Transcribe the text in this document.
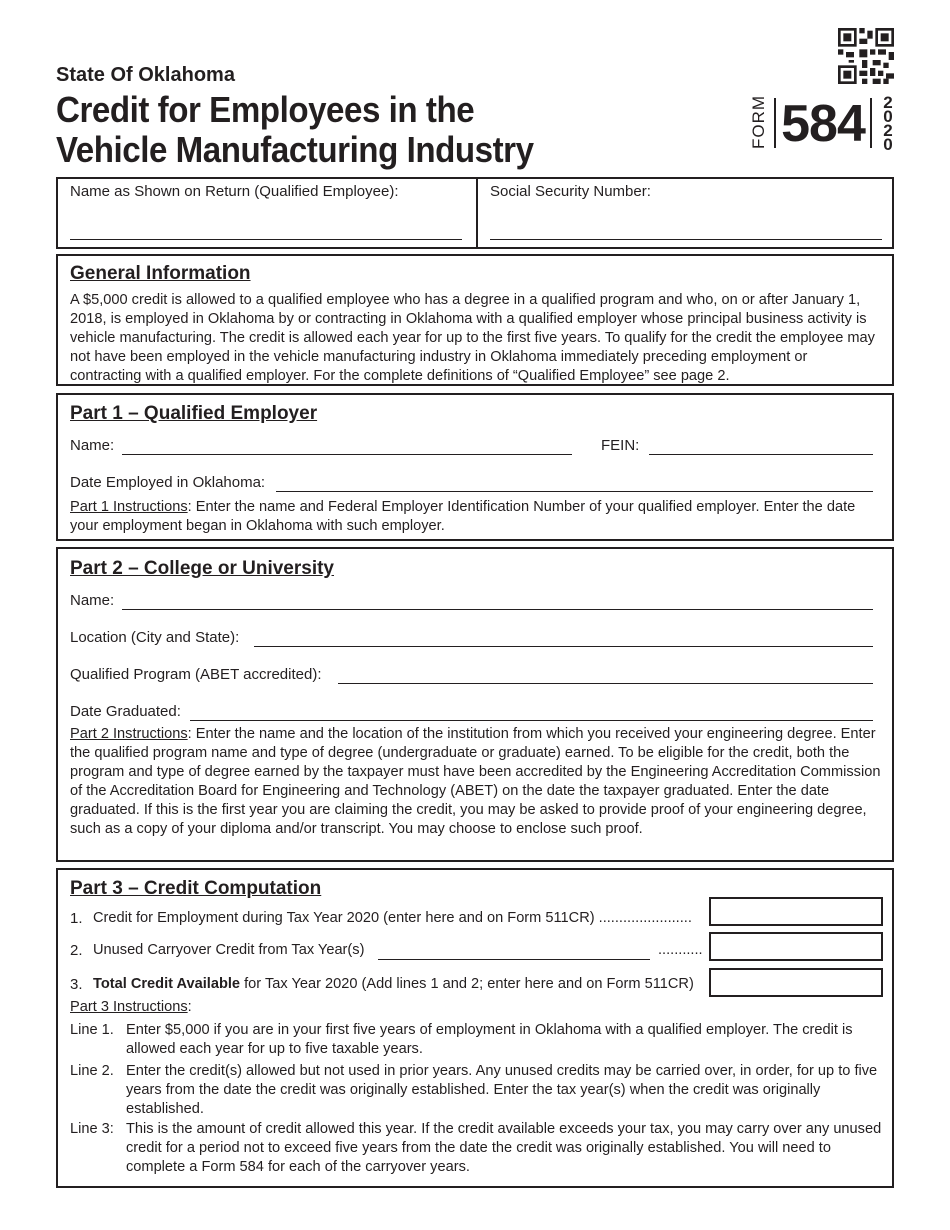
State Of Oklahoma
Credit for Employees in the
Vehicle Manufacturing Industry
FORM 584	2
0
2
0
Name as Shown on Return (Qualified Employee):	Social Security Number:
General Information
A $5,000 credit is allowed to a qualified employee who has a degree in a qualified program and who, on or after January 1, 2018, is employed in Oklahoma by or contracting in Oklahoma with a qualified employer whose principal business activity is vehicle manufacturing. The credit is allowed each year for up to the first five years. To qualify for the credit the employee may not have been employed in the vehicle manufacturing industry in Oklahoma immediately preceding employment or contracting with a qualified employer. For the complete definitions of “Qualified Employee” see page 2.
Part 1 – Qualified Employer
Name:	FEIN:
Date Employed in Oklahoma:
Part 1 Instructions: Enter the name and Federal Employer Identification Number of your qualified employer. Enter the date your employment began in Oklahoma with such employer.
Part 2 – College or University
Name:
Location (City and State):
Qualified Program (ABET accredited):
Date Graduated:
Part 2 Instructions: Enter the name and the location of the institution from which you received your engineering degree. Enter the qualified program name and type of degree (undergraduate or graduate) earned. To be eligible for the credit, both the program and type of degree earned by the taxpayer must have been accredited by the Engineering Accreditation Commission of the Accreditation Board for Engineering and Technology (ABET) on the date the taxpayer graduated. Enter the date graduated. If this is the first year you are claiming the credit, you may be asked to provide proof of your engineering degree, such as a copy of your diploma and/or transcript. You may choose to enclose such proof.
Part 3 – Credit Computation
1. Credit for Employment during Tax Year 2020 (enter here and on Form 511CR) .......................
2. Unused Carryover Credit from Tax Year(s)	...........
3. Total Credit Available for Tax Year 2020 (Add lines 1 and 2; enter here and on Form 511CR)
Part 3 Instructions:
Line 1. Enter $5,000 if you are in your first five years of employment in Oklahoma with a qualified employer. The credit is allowed each year for up to five taxable years.
Line 2. Enter the credit(s) allowed but not used in prior years. Any unused credits may be carried over, in order, for up to five years from the date the credit was originally established. Enter the tax year(s) when the credit was originally established.
Line 3: This is the amount of credit allowed this year. If the credit available exceeds your tax, you may carry over any unused credit for a period not to exceed five years from the date the credit was originally established. You will need to complete a Form 584 for each of the carryover years.
